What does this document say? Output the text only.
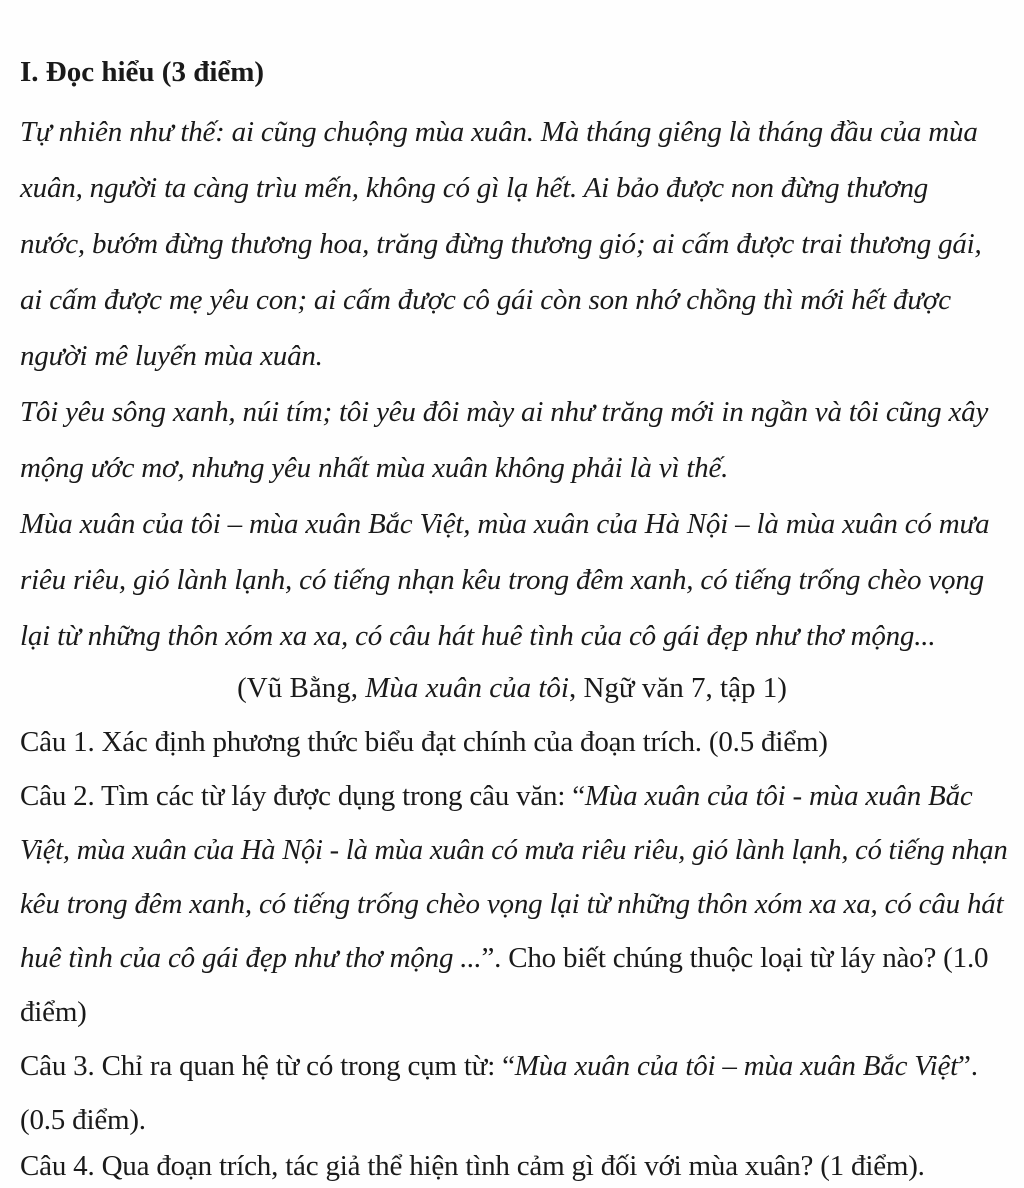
I. Đọc hiểu (3 điểm)
Tự nhiên như thế: ai cũng chuộng mùa xuân. Mà tháng giêng là tháng đầu của mùa
xuân, người ta càng trìu mến, không có gì lạ hết. Ai bảo được non đừng thương
nước, bướm đừng thương hoa, trăng đừng thương gió; ai cấm được trai thương gái,
ai cấm được mẹ yêu con; ai cấm được cô gái còn son nhớ chồng thì mới hết được
người mê luyến mùa xuân.
Tôi yêu sông xanh, núi tím; tôi yêu đôi mày ai như trăng mới in ngần và tôi cũng xây
mộng ước mơ, nhưng yêu nhất mùa xuân không phải là vì thế.
Mùa xuân của tôi – mùa xuân Bắc Việt, mùa xuân của Hà Nội – là mùa xuân có mưa
riêu riêu, gió lành lạnh, có tiếng nhạn kêu trong đêm xanh, có tiếng trống chèo vọng
lại từ những thôn xóm xa xa, có câu hát huê tình của cô gái đẹp như thơ mộng...
(Vũ Bằng, Mùa xuân của tôi, Ngữ văn 7, tập 1)
Câu 1. Xác định phương thức biểu đạt chính của đoạn trích. (0.5 điểm)
Câu 2. Tìm các từ láy được dụng trong câu văn: “Mùa xuân của tôi - mùa xuân Bắc
Việt, mùa xuân của Hà Nội - là mùa xuân có mưa riêu riêu, gió lành lạnh, có tiếng nhạn
kêu trong đêm xanh, có tiếng trống chèo vọng lại từ những thôn xóm xa xa, có câu hát
huê tình của cô gái đẹp như thơ mộng ...”. Cho biết chúng thuộc loại từ láy nào? (1.0
điểm)
Câu 3. Chỉ ra quan hệ từ có trong cụm từ: “Mùa xuân của tôi – mùa xuân Bắc Việt”.
(0.5 điểm).
Câu 4. Qua đoạn trích, tác giả thể hiện tình cảm gì đối với mùa xuân? (1 điểm).
